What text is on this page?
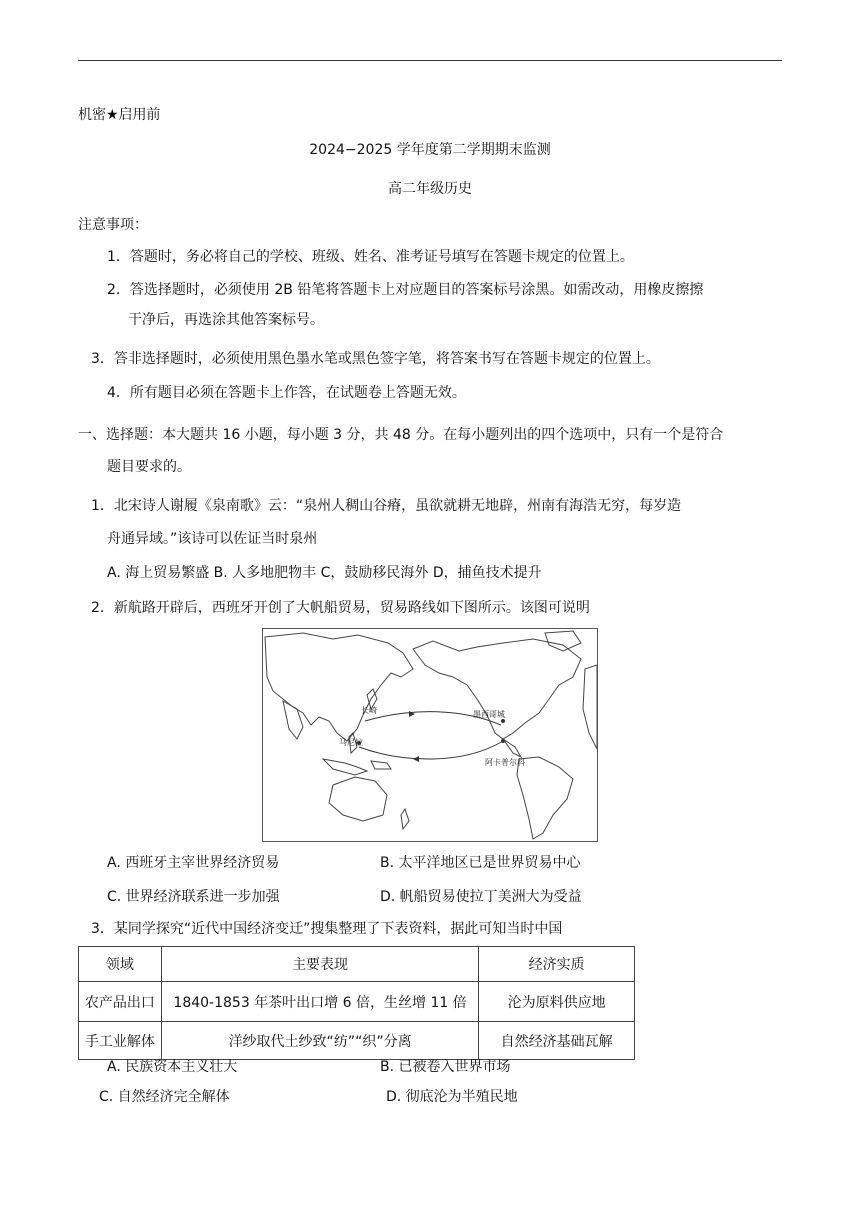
机密★启用前
2024−2025 学年度第二学期期末监测
高二年级历史
注意事项：
1．答题时，务必将自己的学校、班级、姓名、准考证号填写在答题卡规定的位置上。
2．答选择题时，必须使用 2B 铅笔将答题卡上对应题目的答案标号涂黑。如需改动，用橡皮擦擦
干净后，再选涂其他答案标号。
3．答非选择题时，必须使用黑色墨水笔或黑色签字笔，将答案书写在答题卡规定的位置上。
4．所有题目必须在答题卡上作答，在试题卷上答题无效。
一、选择题：本大题共 16 小题，每小题 3 分，共 48 分。在每小题列出的四个选项中，只有一个是符合
题目要求的。
1．北宋诗人谢履《泉南歌》云：“泉州人稠山谷瘠，虽欲就耕无地辟，州南有海浩无穷，每岁造
舟通异域。”该诗可以佐证当时泉州
A. 海上贸易繁盛 B. 人多地肥物丰 C，鼓励移民海外 D，捕鱼技术提升
2．新航路开辟后，西班牙开创了大帆船贸易，贸易路线如下图所示。该图可说明
长崎	墨西哥城
马尼拉
阿卡普尔科
A. 西班牙主宰世界经济贸易	B. 太平洋地区已是世界贸易中心
C. 世界经济联系进一步加强	D. 帆船贸易使拉丁美洲大为受益
3．某同学探究“近代中国经济变迁”搜集整理了下表资料，据此可知当时中国
领域	主要表现	经济实质
农产品出口	1840-1853 年茶叶出口增 6 倍，生丝增 11 倍	沦为原料供应地
手工业解体	洋纱取代土纱致“纺”“织”分离	自然经济基础瓦解
A. 民族资本主义壮大	B. 已被卷入世界市场
C. 自然经济完全解体	D. 彻底沦为半殖民地
